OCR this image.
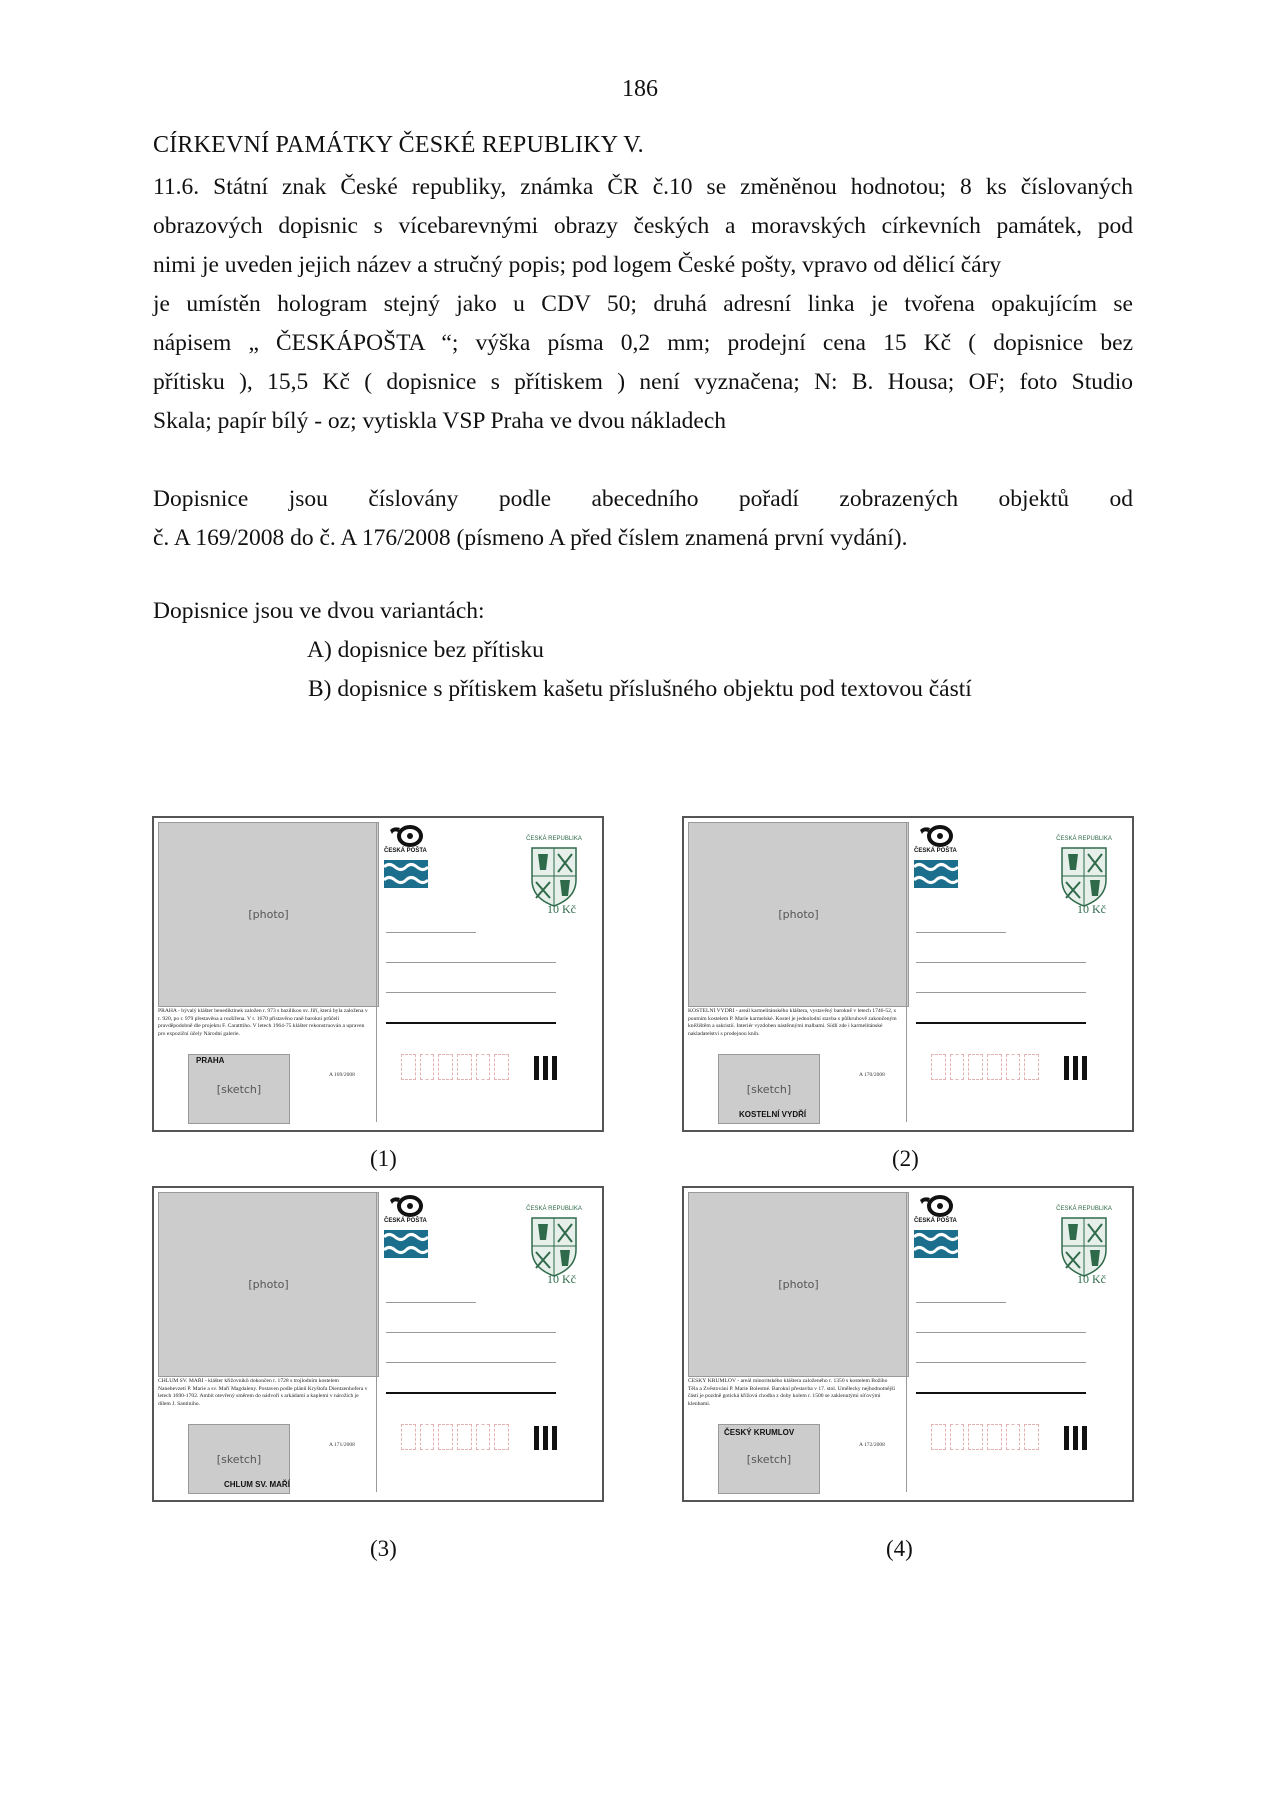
186
CÍRKEVNÍ PAMÁTKY ČESKÉ REPUBLIKY V.
11.6. Státní znak České republiky, známka ČR č.10 se změněnou hodnotou; 8 ks číslovaných
obrazových dopisnic s vícebarevnými obrazy českých a moravských církevních památek, pod
nimi je uveden jejich název a stručný popis; pod logem České pošty, vpravo od dělicí čáry
je umístěn hologram stejný jako u CDV 50; druhá adresní linka je tvořena opakujícím se
nápisem „ ČESKÁPOŠTA “; výška písma 0,2 mm; prodejní cena 15 Kč ( dopisnice bez
přítisku ), 15,5 Kč ( dopisnice s přítiskem ) není vyznačena; N: B. Housa; OF; foto Studio
Skala; papír bílý - oz; vytiskla VSP Praha ve dvou nákladech
Dopisnice jsou číslovány podle abecedního pořadí zobrazených objektů od
č. A 169/2008 do č. A 176/2008 (písmeno A před číslem znamená první vydání).
Dopisnice jsou ve dvou variantách:
A) dopisnice bez přítisku
B) dopisnice s přítiskem kašetu příslušného objektu pod textovou částí
[photo]
PRAHA - bývalý klášter benediktinek založen r. 973 s bazilikou sv. Jiří, která byla založena v r. 920, po r. 979 přestavěna a rozšířena. V r. 1670 přistavěno raně barokní průčelí pravděpodobně dle projektu F. Caratttiho. V letech 1964-75 klášter rekonstruován a upraven pro expoziční účely Národní galerie.
ČESKÁ POŠTA
ČESKÁ REPUBLIKA
10 Kč
[sketch]
PRAHA
A 169/2008
(1)
[photo]
KOSTELNÍ VYDŘÍ - areál karmelitánského kláštera, vystavěný barokně v letech 1746-52, s poutním kostelem P. Marie karmelské. Kostel je jednolodní stavba s půlkruhově zakončeným kněžištěm a sakristií. Interiér vyzdoben nástěnnými malbami. Sídlí zde i karmelitánské nakladatelství s prodejnou knih.
ČESKÁ POŠTA
ČESKÁ REPUBLIKA
10 Kč
[sketch]
KOSTELNÍ VYDŘÍ
A 170/2008
(2)
[photo]
CHLUM SV. MAŘÍ - klášter křižovníků dokončen r. 1728 s trojlodním kostelem Nanebevzetí P. Marie a sv. Maří Magdaleny. Postaven podle plánů Kryštofa Dientzenhofera v letech 1690-1702. Ambit otevřený směrem do nádvoří s arkádami a kaplemi v nárožích je dílem J. Santiniho.
ČESKÁ POŠTA
ČESKÁ REPUBLIKA
10 Kč
[sketch]
CHLUM SV. MAŘÍ
A 171/2008
(3)
[photo]
ČESKÝ KRUMLOV - areál minoritského kláštera založeného r. 1350 s kostelem Božího Těla a Zvěstování P. Marie Bolestné. Barokní přestavba v 17. stol. Umělecky nejhodnotnější částí je pozdně gotická křížová chodba z doby kolem r. 1500 se zaklenutými síťovými klenbami.
ČESKÁ POŠTA
ČESKÁ REPUBLIKA
10 Kč
[sketch]
ČESKÝ KRUMLOV
A 172/2008
(4)
